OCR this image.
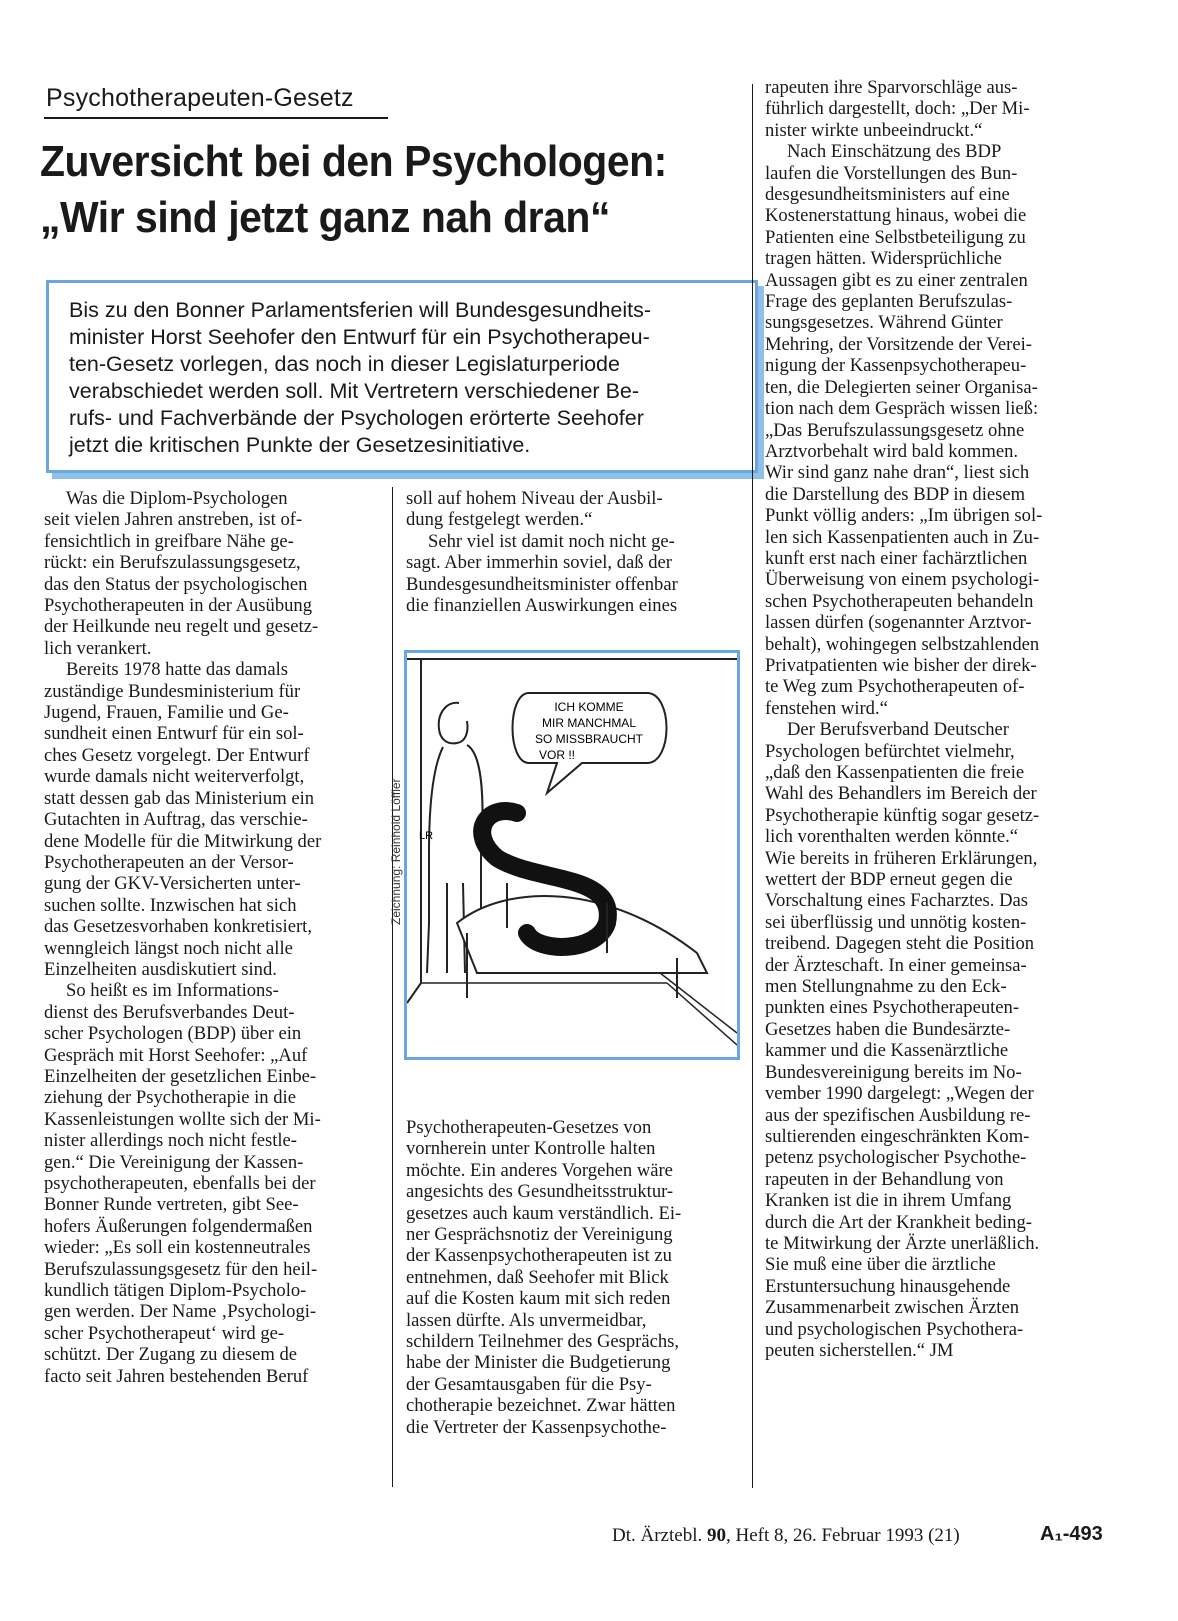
Psychotherapeuten-Gesetz
Zuversicht bei den Psychologen:
„Wir sind jetzt ganz nah dran“

Bis zu den Bonner Parlamentsferien will Bundesgesundheits-
minister Horst Seehofer den Entwurf für ein Psychotherapeu-
ten-Gesetz vorlegen, das noch in dieser Legislaturperiode
verabschiedet werden soll. Mit Vertretern verschiedener Be-
rufs- und Fachverbände der Psychologen erörterte Seehofer
jetzt die kritischen Punkte der Gesetzesinitiative.

Was die Diplom-Psychologen
seit vielen Jahren anstreben, ist of-
fensichtlich in greifbare Nähe ge-
rückt: ein Berufszulassungsgesetz,
das den Status der psychologischen
Psychotherapeuten in der Ausübung
der Heilkunde neu regelt und gesetz-
lich verankert.
Bereits 1978 hatte das damals
zuständige Bundesministerium für
Jugend, Frauen, Familie und Ge-
sundheit einen Entwurf für ein sol-
ches Gesetz vorgelegt. Der Entwurf
wurde damals nicht weiterverfolgt,
statt dessen gab das Ministerium ein
Gutachten in Auftrag, das verschie-
dene Modelle für die Mitwirkung der
Psychotherapeuten an der Versor-
gung der GKV-Versicherten unter-
suchen sollte. Inzwischen hat sich
das Gesetzesvorhaben konkretisiert,
wenngleich längst noch nicht alle
Einzelheiten ausdiskutiert sind.
So heißt es im Informations-
dienst des Berufsverbandes Deut-
scher Psychologen (BDP) über ein
Gespräch mit Horst Seehofer: „Auf
Einzelheiten der gesetzlichen Einbe-
ziehung der Psychotherapie in die
Kassenleistungen wollte sich der Mi-
nister allerdings noch nicht festle-
gen.“ Die Vereinigung der Kassen-
psychotherapeuten, ebenfalls bei der
Bonner Runde vertreten, gibt See-
hofers Äußerungen folgendermaßen
wieder: „Es soll ein kostenneutrales
Berufszulassungsgesetz für den heil-
kundlich tätigen Diplom-Psycholo-
gen werden. Der Name ‚Psychologi-
scher Psychotherapeut‘ wird ge-
schützt. Der Zugang zu diesem de
facto seit Jahren bestehenden Beruf
soll auf hohem Niveau der Ausbil-
dung festgelegt werden.“
Sehr viel ist damit noch nicht ge-
sagt. Aber immerhin soviel, daß der
Bundesgesundheitsminister offenbar
die finanziellen Auswirkungen eines
ICH KOMME
MIR MANCHMAL
SO MISSBRAUCHT
VOR !!
LR
Zeichnung: Reinhold Löffler
Psychotherapeuten-Gesetzes von
vornherein unter Kontrolle halten
möchte. Ein anderes Vorgehen wäre
angesichts des Gesundheitsstruktur-
gesetzes auch kaum verständlich. Ei-
ner Gesprächsnotiz der Vereinigung
der Kassenpsychotherapeuten ist zu
entnehmen, daß Seehofer mit Blick
auf die Kosten kaum mit sich reden
lassen dürfte. Als unvermeidbar,
schildern Teilnehmer des Gesprächs,
habe der Minister die Budgetierung
der Gesamtausgaben für die Psy-
chotherapie bezeichnet. Zwar hätten
die Vertreter der Kassenpsychothe-
rapeuten ihre Sparvorschläge aus-
führlich dargestellt, doch: „Der Mi-
nister wirkte unbeeindruckt.“
Nach Einschätzung des BDP
laufen die Vorstellungen des Bun-
desgesundheitsministers auf eine
Kostenerstattung hinaus, wobei die
Patienten eine Selbstbeteiligung zu
tragen hätten. Widersprüchliche
Aussagen gibt es zu einer zentralen
Frage des geplanten Berufszulas-
sungsgesetzes. Während Günter
Mehring, der Vorsitzende der Verei-
nigung der Kassenpsychotherapeu-
ten, die Delegierten seiner Organisa-
tion nach dem Gespräch wissen ließ:
„Das Berufszulassungsgesetz ohne
Arztvorbehalt wird bald kommen.
Wir sind ganz nahe dran“, liest sich
die Darstellung des BDP in diesem
Punkt völlig anders: „Im übrigen sol-
len sich Kassenpatienten auch in Zu-
kunft erst nach einer fachärztlichen
Überweisung von einem psychologi-
schen Psychotherapeuten behandeln
lassen dürfen (sogenannter Arztvor-
behalt), wohingegen selbstzahlenden
Privatpatienten wie bisher der direk-
te Weg zum Psychotherapeuten of-
fenstehen wird.“
Der Berufsverband Deutscher
Psychologen befürchtet vielmehr,
„daß den Kassenpatienten die freie
Wahl des Behandlers im Bereich der
Psychotherapie künftig sogar gesetz-
lich vorenthalten werden könnte.“
Wie bereits in früheren Erklärungen,
wettert der BDP erneut gegen die
Vorschaltung eines Facharztes. Das
sei überflüssig und unnötig kosten-
treibend. Dagegen steht die Position
der Ärzteschaft. In einer gemeinsa-
men Stellungnahme zu den Eck-
punkten eines Psychotherapeuten-
Gesetzes haben die Bundesärzte-
kammer und die Kassenärztliche
Bundesvereinigung bereits im No-
vember 1990 dargelegt: „Wegen der
aus der spezifischen Ausbildung re-
sultierenden eingeschränkten Kom-
petenz psychologischer Psychothe-
rapeuten in der Behandlung von
Kranken ist die in ihrem Umfang
durch die Art der Krankheit beding-
te Mitwirkung der Ärzte unerläßlich.
Sie muß eine über die ärztliche
Erstuntersuchung hinausgehende
Zusammenarbeit zwischen Ärzten
und psychologischen Psychothera-
peuten sicherstellen.“ JM
Dt. Ärztebl. 90, Heft 8, 26. Februar 1993 (21)	A₁-493
